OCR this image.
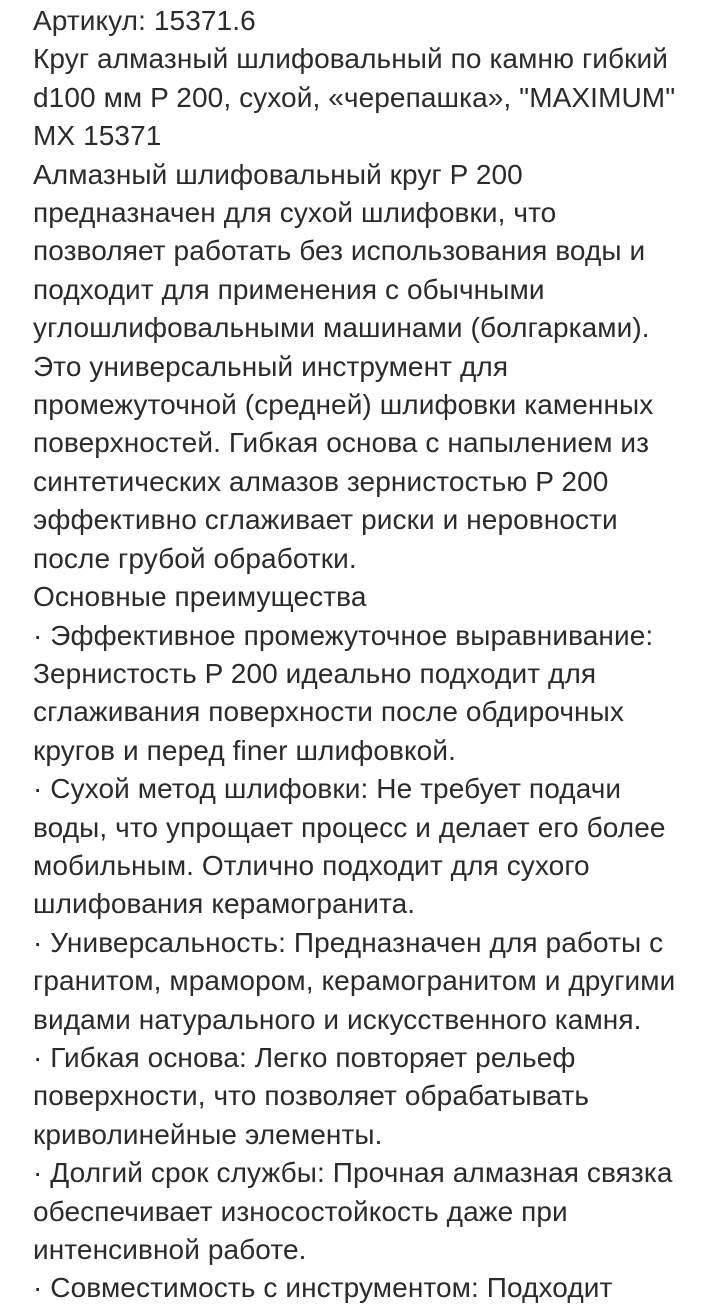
Артикул: 15371.6
Круг алмазный шлифовальный по камню гибкий
d100 мм P 200, сухой, «черепашка», "MAXIMUM"
MX 15371
Алмазный шлифовальный круг P 200
предназначен для сухой шлифовки, что
позволяет работать без использования воды и
подходит для применения с обычными
углошлифовальными машинами (болгарками).
Это универсальный инструмент для
промежуточной (средней) шлифовки каменных
поверхностей. Гибкая основа с напылением из
синтетических алмазов зернистостью P 200
эффективно сглаживает риски и неровности
после грубой обработки.
Основные преимущества
· Эффективное промежуточное выравнивание:
Зернистость P 200 идеально подходит для
сглаживания поверхности после обдирочных
кругов и перед finer шлифовкой.
· Сухой метод шлифовки: Не требует подачи
воды, что упрощает процесс и делает его более
мобильным. Отлично подходит для сухого
шлифования керамогранита.
· Универсальность: Предназначен для работы с
гранитом, мрамором, керамогранитом и другими
видами натурального и искусственного камня.
· Гибкая основа: Легко повторяет рельеф
поверхности, что позволяет обрабатывать
криволинейные элементы.
· Долгий срок службы: Прочная алмазная связка
обеспечивает износостойкость даже при
интенсивной работе.
· Совместимость с инструментом: Подходит
